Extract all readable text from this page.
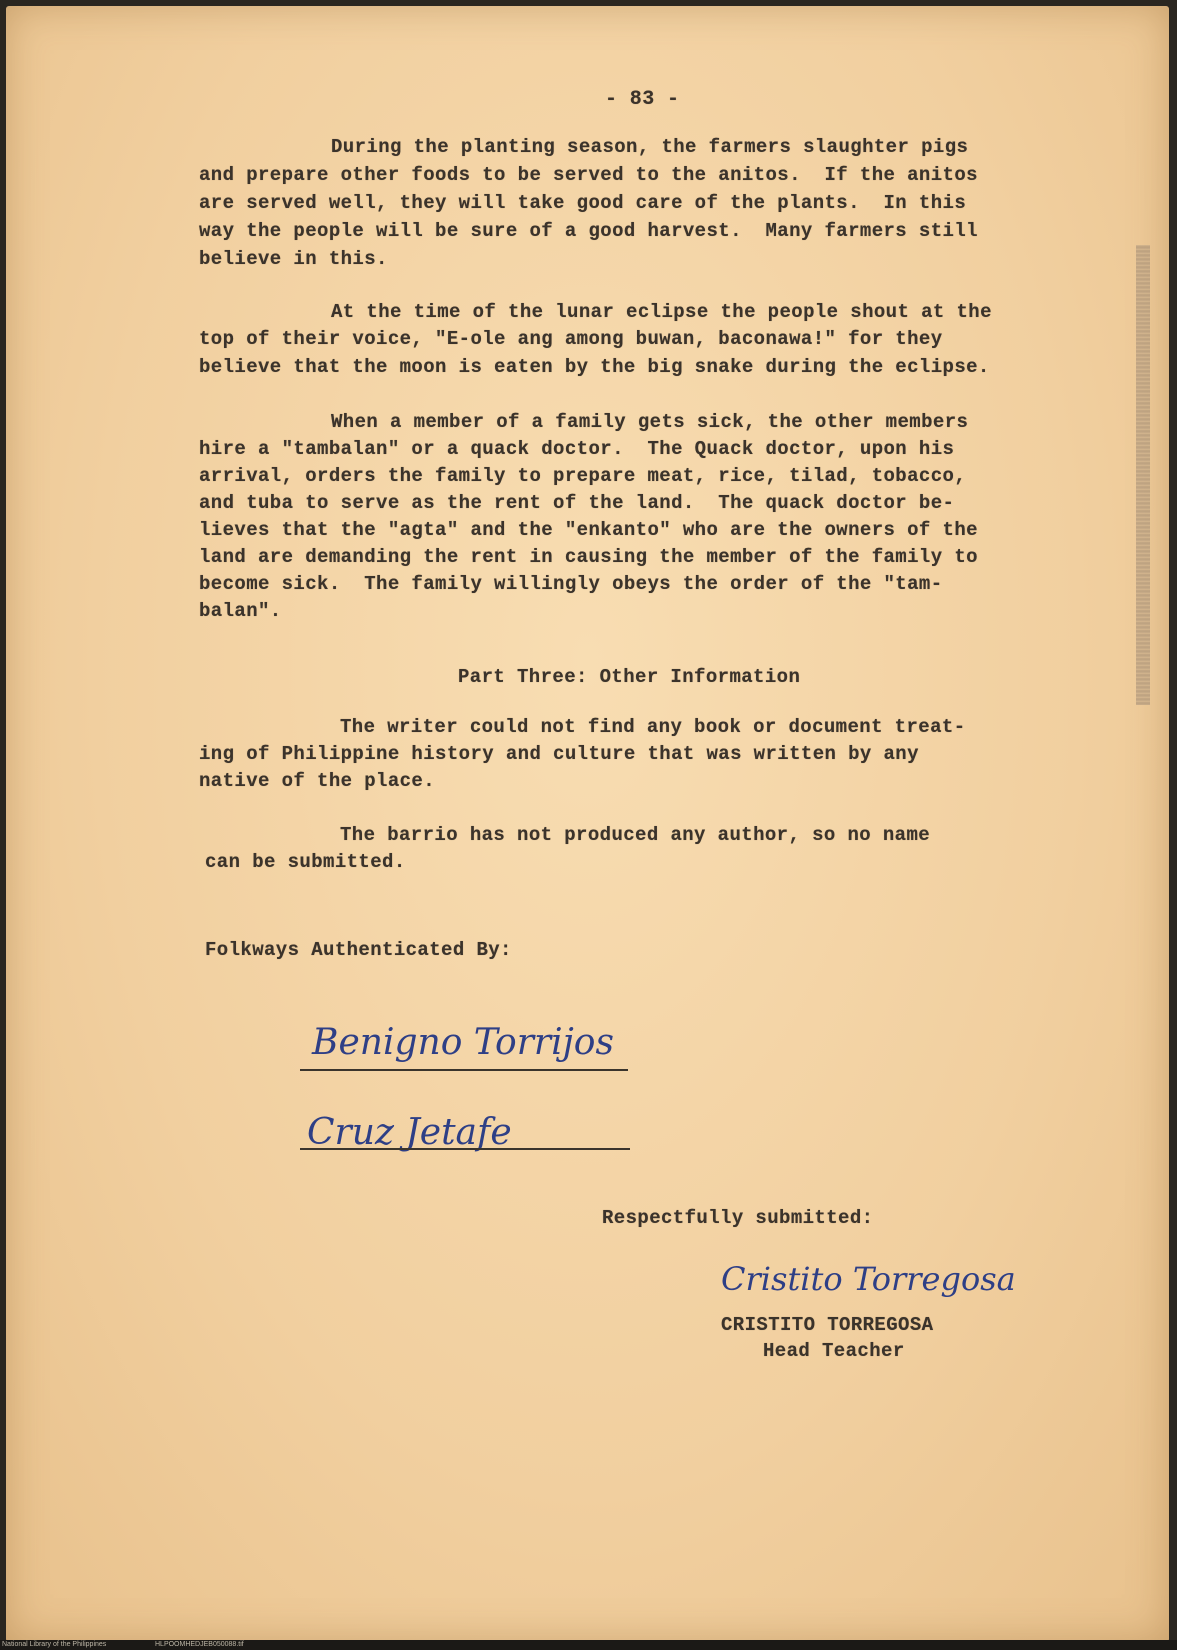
- 83 -
During the planting season, the farmers slaughter pigs
and prepare other foods to be served to the anitos.  If the anitos
are served well, they will take good care of the plants.  In this
way the people will be sure of a good harvest.  Many farmers still
believe in this.
At the time of the lunar eclipse the people shout at the
top of their voice, "E-ole ang among buwan, baconawa!" for they
believe that the moon is eaten by the big snake during the eclipse.
When a member of a family gets sick, the other members
hire a "tambalan" or a quack doctor.  The Quack doctor, upon his
arrival, orders the family to prepare meat, rice, tilad, tobacco,
and tuba to serve as the rent of the land.  The quack doctor be-
lieves that the "agta" and the "enkanto" who are the owners of the
land are demanding the rent in causing the member of the family to
become sick.  The family willingly obeys the order of the "tam-
balan".
Part Three: Other Information
The writer could not find any book or document treat-
ing of Philippine history and culture that was written by any
native of the place.
The barrio has not produced any author, so no name
can be submitted.
Folkways Authenticated By:
Benigno Torrijos
Cruz Jetafe
Respectfully submitted:
Cristito Torregosa
CRISTITO TORREGOSA
Head Teacher
National Library of the Philippines	HLPOOMHEDJEB050088.tif
